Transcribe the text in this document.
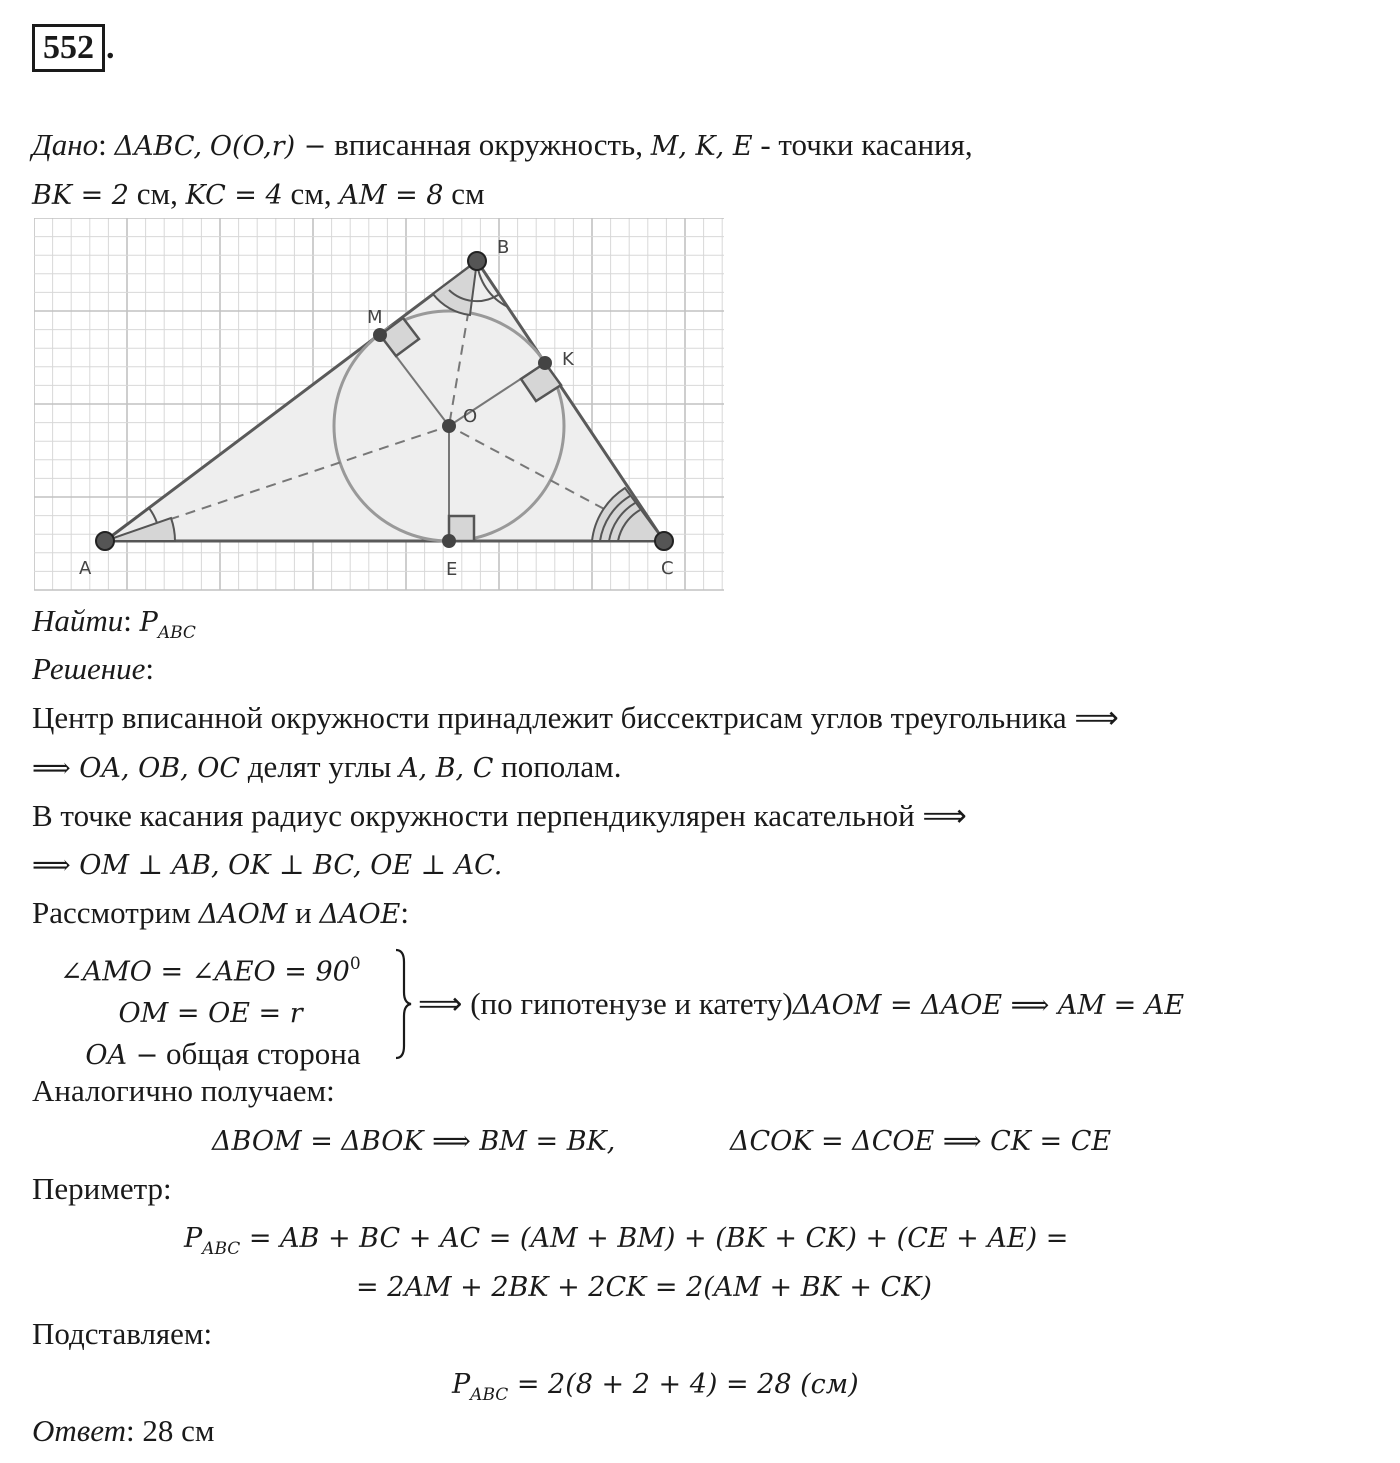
552 .
Дано: ΔABC, O(O,r) − вписанная окружность, M, K, E - точки касания,
BK = 2 см, KC = 4 см, AM = 8 см
A
B
C
M
K
E
O
Найти: $P_{ABC}$
Решение:
Центр вписанной окружности принадлежит биссектрисам углов треугольника ⟹
⟹ OA, OB, OC делят углы A, B, C пополам.
В точке касания радиус окружности перпендикулярен касательной ⟹
⟹ OM ⊥ AB, OK ⊥ BC, OE ⊥ AC.
Рассмотрим ΔAOM и ΔAOE:
∠AMO = ∠AEO = $90^0$
OM = OE = r
OA − общая сторона
⟹ (по гипотенузе и катету)ΔAOM = ΔAOE ⟹ AM = AE
Аналогично получаем:
ΔBOM = ΔBOK ⟹ BM = BK,	ΔCOK = ΔCOE ⟹ CK = CE
Периметр:
$P_{ABC}$ = AB + BC + AC = (AM + BM) + (BK + CK) + (CE + AE) =
= 2AM + 2BK + 2CK = 2(AM + BK + CK)
Подставляем:
$P_{ABC} = 2(8 + 2 + 4) = 28$ (см)
Ответ: 28 см
